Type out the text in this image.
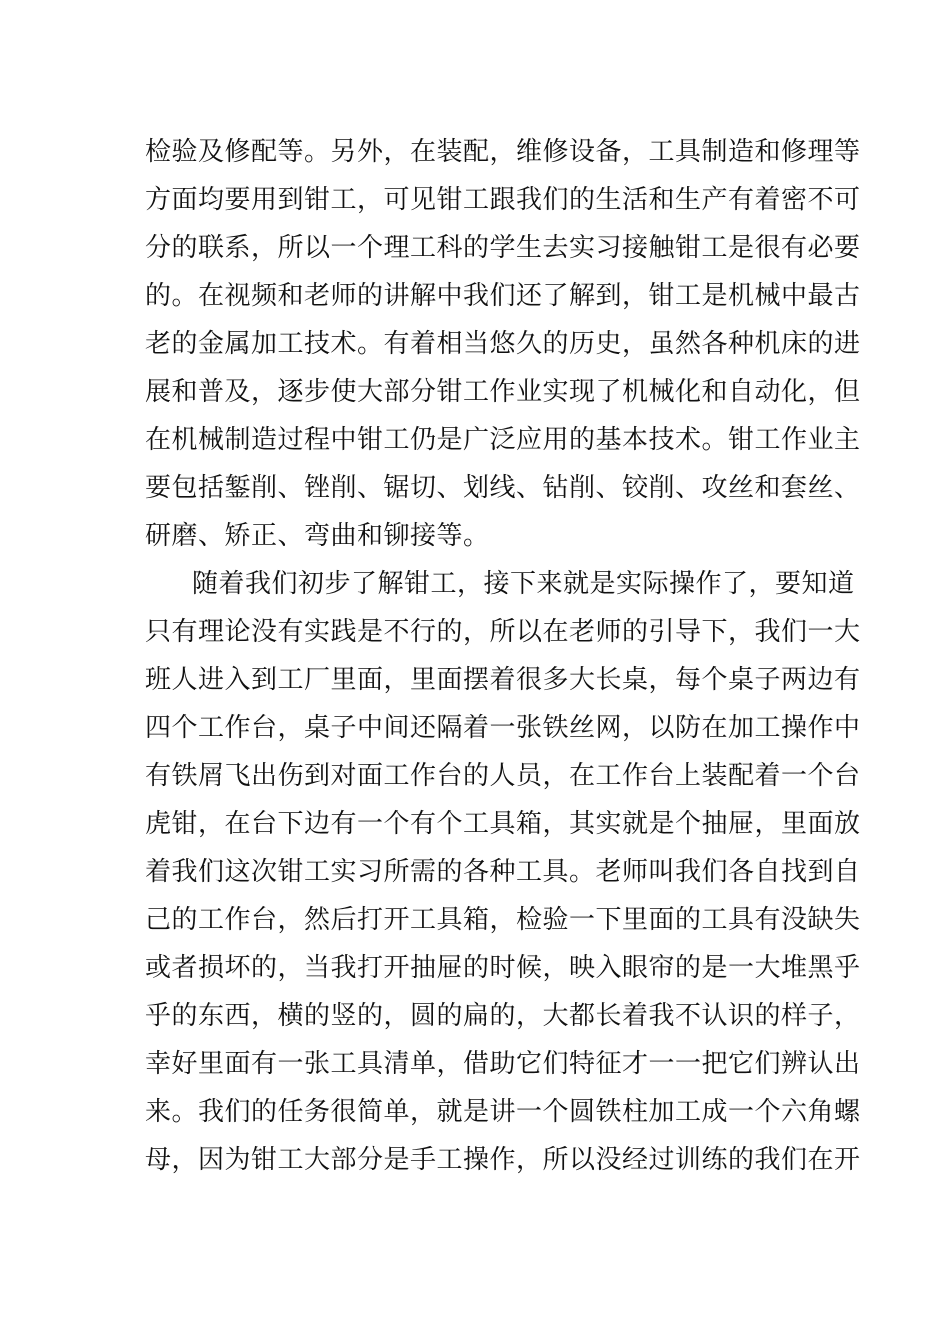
检验及修配等。另外，在装配，维修设备，工具制造和修理等
方面均要用到钳工，可见钳工跟我们的生活和生产有着密不可
分的联系，所以一个理工科的学生去实习接触钳工是很有必要
的。在视频和老师的讲解中我们还了解到，钳工是机械中最古
老的金属加工技术。有着相当悠久的历史，虽然各种机床的进
展和普及，逐步使大部分钳工作业实现了机械化和自动化，但
在机械制造过程中钳工仍是广泛应用的基本技术。钳工作业主
要包括錾削、锉削、锯切、划线、钻削、铰削、攻丝和套丝、
研磨、矫正、弯曲和铆接等。
随着我们初步了解钳工，接下来就是实际操作了，要知道
只有理论没有实践是不行的，所以在老师的引导下，我们一大
班人进入到工厂里面，里面摆着很多大长桌，每个桌子两边有
四个工作台，桌子中间还隔着一张铁丝网，以防在加工操作中
有铁屑飞出伤到对面工作台的人员，在工作台上装配着一个台
虎钳，在台下边有一个有个工具箱，其实就是个抽屉，里面放
着我们这次钳工实习所需的各种工具。老师叫我们各自找到自
己的工作台，然后打开工具箱，检验一下里面的工具有没缺失
或者损坏的，当我打开抽屉的时候，映入眼帘的是一大堆黑乎
乎的东西，横的竖的，圆的扁的，大都长着我不认识的样子，
幸好里面有一张工具清单，借助它们特征才一一把它们辨认出
来。我们的任务很简单，就是讲一个圆铁柱加工成一个六角螺
母，因为钳工大部分是手工操作，所以没经过训练的我们在开
